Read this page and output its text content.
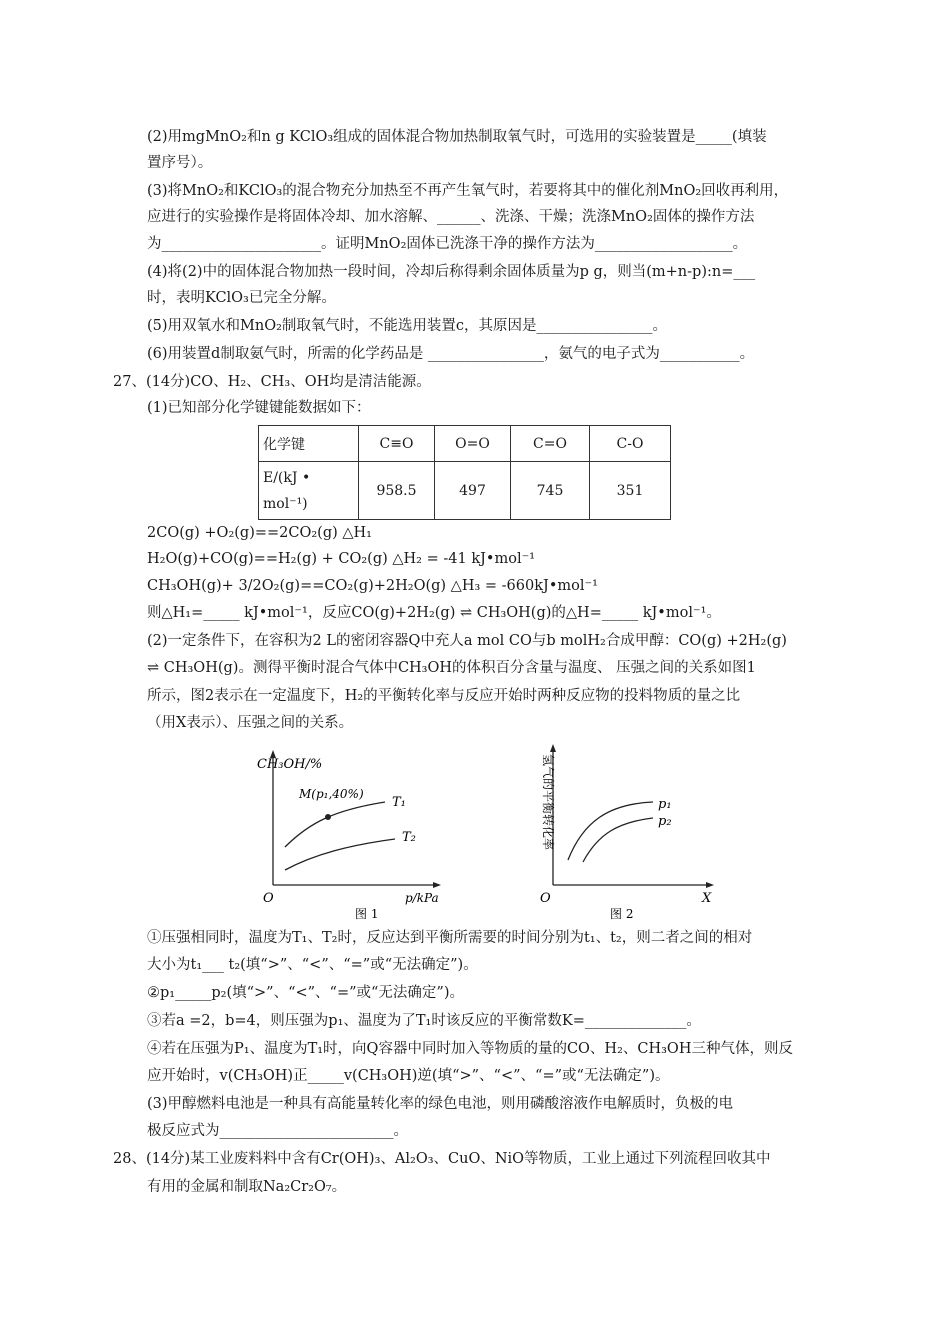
(2)用mgMnO₂和n g KClO₃组成的固体混合物加热制取氧气时，可选用的实验装置是_____(填装
置序号）。
(3)将MnO₂和KClO₃的混合物充分加热至不再产生氧气时，若要将其中的催化剂MnO₂回收再利用，
应进行的实验操作是将固体冷却、加水溶解、______、洗涤、干燥；洗涤MnO₂固体的操作方法
为______________________。证明MnO₂固体已洗涤干净的操作方法为___________________。
(4)将(2)中的固体混合物加热一段时间，冷却后称得剩余固体质量为p g，则当(m+n-p):n=___
时，表明KClO₃已完全分解。
(5)用双氧水和MnO₂制取氧气时，不能选用装置c，其原因是________________。
(6)用装置d制取氨气时，所需的化学药品是 ________________，氨气的电子式为___________。
27、(14分)CO、H₂、CH₃、OH均是清洁能源。
(1)已知部分化学键键能数据如下：
化学键	C≡O	O=O	C=O	C-O

E/(kJ •
mol⁻¹)	958.5	497	745	351
2CO(g) +O₂(g)==2CO₂(g) △H₁
H₂O(g)+CO(g)==H₂(g) + CO₂(g) △H₂ = -41 kJ•mol⁻¹
CH₃OH(g)+ 3/2O₂(g)==CO₂(g)+2H₂O(g) △H₃ = -660kJ•mol⁻¹
则△H₁=_____ kJ•mol⁻¹，反应CO(g)+2H₂(g) ⇌ CH₃OH(g)的△H=_____ kJ•mol⁻¹。
(2)一定条件下，在容积为2 L的密闭容器Q中充人a mol CO与b molH₂合成甲醇：CO(g) +2H₂(g)
⇌ CH₃OH(g)。测得平衡时混合气体中CH₃OH的体积百分含量与温度、 压强之间的关系如图1
所示，图2表示在一定温度下，H₂的平衡转化率与反应开始时两种反应物的投料物质的量之比
（用X表示）、压强之间的关系。
CH₃OH/%
p/kPa
O
M(p₁,40%)
T₁
T₂
图 1
X
O
氢气的平衡转化率	p₁
p₂
图 2
①压强相同时，温度为T₁、T₂时，反应达到平衡所需要的时间分别为t₁、t₂，则二者之间的相对
大小为t₁___ t₂(填“>”、“<”、“=”或“无法确定”)。
②p₁_____p₂(填“>”、“<”、“=”或“无法确定”)。
③若a =2，b=4，则压强为p₁、温度为了T₁时该反应的平衡常数K=______________。
④若在压强为P₁、温度为T₁时，向Q容器中同时加入等物质的量的CO、H₂、CH₃OH三种气体，则反
应开始时，v(CH₃OH)正_____v(CH₃OH)逆(填“>”、“<”、“=”或“无法确定”)。
(3)甲醇燃料电池是一种具有高能量转化率的绿色电池，则用磷酸溶液作电解质时，负极的电
极反应式为________________________。
28、(14分)某工业废料料中含有Cr(OH)₃、Al₂O₃、CuO、NiO等物质，工业上通过下列流程回收其中
有用的金属和制取Na₂Cr₂O₇。
